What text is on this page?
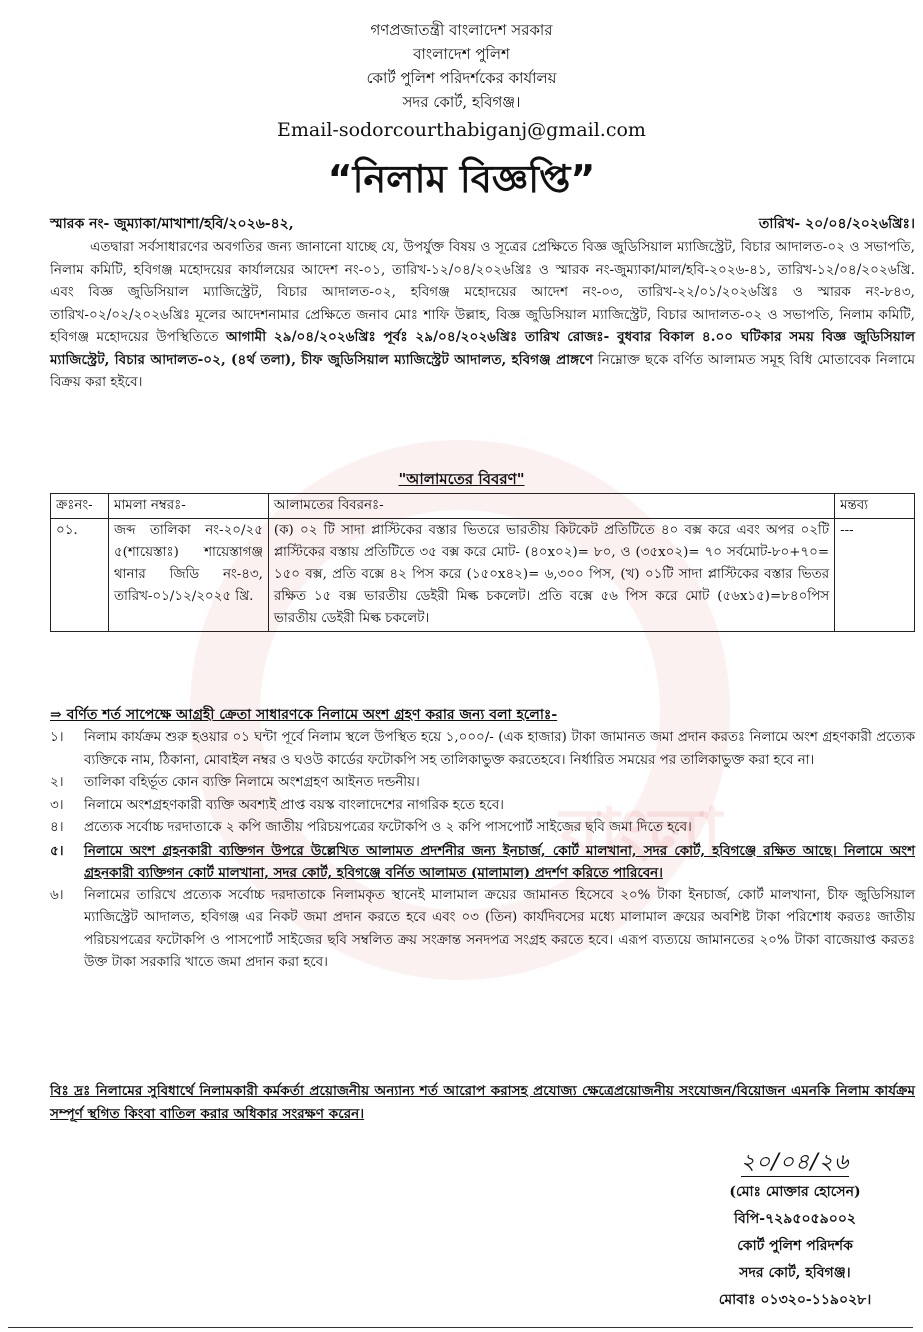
বাংলা
গণপ্রজাতন্ত্রী বাংলাদেশ সরকার
বাংলাদেশ পুলিশ
কোর্ট পুলিশ পরিদর্শকের কার্যালয়
সদর কোর্ট, হবিগঞ্জ।
Email-sodorcourthabiganj@gmail.com
“নিলাম বিজ্ঞপ্তি”
স্মারক নং- জুম্যাকা/মাখাশা/হবি/২০২৬-৪২,	তারিখ- ২০/০৪/২০২৬খ্রিঃ।
এতদ্বারা সর্বসাধারণের অবগতির জন্য জানানো যাচ্ছে যে, উপর্যুক্ত বিষয় ও সূত্রের প্রেক্ষিতে বিজ্ঞ জুডিসিয়াল ম্যাজিস্ট্রেট, বিচার আদালত-০২ ও সভাপতি, নিলাম কমিটি, হবিগঞ্জ মহোদয়ের কার্যালয়ের আদেশ নং-০১, তারিখ-১২/০৪/২০২৬খ্রিঃ ও স্মারক নং-জুম্যাকা/মাল/হবি-২০২৬-৪১, তারিখ-১২/০৪/২০২৬খ্রি. এবং বিজ্ঞ জুডিসিয়াল ম্যাজিস্ট্রেট, বিচার আদালত-০২, হবিগঞ্জ মহোদয়ের আদেশ নং-০৩, তারিখ-২২/০১/২০২৬খ্রিঃ ও স্মারক নং-৮৪৩, তারিখ-০২/০২/২০২৬খ্রিঃ মূলের আদেশনামার প্রেক্ষিতে জনাব মোঃ শাফি উল্লাহ, বিজ্ঞ জুডিসিয়াল ম্যাজিস্ট্রেট, বিচার আদালত-০২ ও সভাপতি, নিলাম কমিটি, হবিগঞ্জ মহোদয়ের উপস্থিতিতে আগামী ২৯/০৪/২০২৬খ্রিঃ পূর্বঃ ২৯/০৪/২০২৬খ্রিঃ তারিখ রোজঃ- বুধবার বিকাল ৪.০০ ঘটিকার সময় বিজ্ঞ জুডিসিয়াল ম্যাজিস্ট্রেট, বিচার আদালত-০২, (৪র্থ তলা), চীফ জুডিসিয়াল ম্যাজিস্ট্রেট আদালত, হবিগঞ্জ প্রাঙ্গণে নিম্নোক্ত ছকে বর্ণিত আলামত সমূহ বিধি মোতাবেক নিলামে বিক্রয় করা হইবে।
"আলামতের বিবরণ"
ক্রঃনং-	মামলা নম্বরঃ-	আলামতের বিবরনঃ-	মন্তব্য
০১.	জব্দ তালিকা নং-২০/২৫ ৫(শায়েস্তাঃ) শায়েস্তাগঞ্জ থানার জিডি নং-৪৩, তারিখ-০১/১২/২০২৫ খ্রি.	(ক) ০২ টি সাদা প্লাস্টিকের বস্তার ভিতরে ভারতীয় কিটকেট প্রতিটিতে ৪০ বক্স করে এবং অপর ০২টি প্লাস্টিকের বস্তায় প্রতিটিতে ৩৫ বক্স করে মোট- (৪০x০২)= ৮০, ও (৩৫x০২)= ৭০ সর্বমোট-৮০+৭০= ১৫০ বক্স, প্রতি বক্সে ৪২ পিস করে (১৫০x৪২)= ৬,৩০০ পিস, (খ) ০১টি সাদা প্লাস্টিকের বস্তার ভিতর রক্ষিত ১৫ বক্স ভারতীয় ডেইরী মিল্ক চকলেট। প্রতি বক্সে ৫৬ পিস করে মোট (৫৬x১৫)=৮৪০পিস ভারতীয় ডেইরী মিল্ক চকলেট।	---
⇒ বর্ণিত শর্ত সাপেক্ষে আগ্রহী ক্রেতা সাধারণকে নিলামে অংশ গ্রহণ করার জন্য বলা হলোঃ-
১।	নিলাম কার্যক্রম শুরু হওয়ার ০১ ঘন্টা পূর্বে নিলাম স্থলে উপস্থিত হয়ে ১,০০০/- (এক হাজার) টাকা জামানত জমা প্রদান করতঃ নিলামে অংশ গ্রহণকারী প্রত্যেক ব্যক্তিকে নাম, ঠিকানা, মোবাইল নম্বর ও ঘওউ কার্ডের ফটোকপি সহ তালিকাভুক্ত করতেহবে। নির্ধারিত সময়ের পর তালিকাভুক্ত করা হবে না।
২।	তালিকা বহির্ভূত কোন ব্যক্তি নিলামে অংশগ্রহণ আইনত দন্ডনীয়।
৩।	নিলামে অংশগ্রহণকারী ব্যক্তি অবশ্যই প্রাপ্ত বয়স্ক বাংলাদেশের নাগরিক হতে হবে।
৪।	প্রত্যেক সর্বোচ্চ দরদাতাকে ২ কপি জাতীয় পরিচয়পত্রের ফটোকপি ও ২ কপি পাসপোর্ট সাইজের ছবি জমা দিতে হবে।
৫।	নিলামে অংশ গ্রহনকারী ব্যক্তিগন উপরে উল্লেখিত আলামত প্রদর্শনীর জন্য ইনচার্জ, কোর্ট মালখানা, সদর কোর্ট, হবিগঞ্জে রক্ষিত আছে। নিলামে অংশ গ্রহনকারী ব্যক্তিগন কোর্ট মালখানা, সদর কোর্ট, হবিগঞ্জে বর্নিত আলামত (মালামাল) প্রদর্শণ করিতে পারিবেন।
৬।	নিলামের তারিখে প্রত্যেক সর্বোচ্চ দরদাতাকে নিলামকৃত স্থানেই মালামাল ক্রয়ের জামানত হিসেবে ২০% টাকা ইনচার্জ, কোর্ট মালখানা, চীফ জুডিসিয়াল ম্যাজিস্ট্রেট আদালত, হবিগঞ্জ এর নিকট জমা প্রদান করতে হবে এবং ০৩ (তিন) কার্যদিবসের মধ্যে মালামাল ক্রয়ের অবশিষ্ট টাকা পরিশোধ করতঃ জাতীয় পরিচয়পত্রের ফটোকপি ও পাসপোর্ট সাইজের ছবি সম্বলিত ক্রয় সংক্রান্ত সনদপত্র সংগ্রহ করতে হবে। এরূপ ব্যত্যয়ে জামানতের ২০% টাকা বাজেয়াপ্ত করতঃ উক্ত টাকা সরকারি খাতে জমা প্রদান করা হবে।
বিঃ দ্রঃ নিলামের সুবিধার্থে নিলামকারী কর্মকর্তা প্রয়োজনীয় অন্যান্য শর্ত আরোপ করাসহ প্রযোজ্য ক্ষেত্রেপ্রয়োজনীয় সংযোজন/বিয়োজন এমনকি নিলাম কার্যক্রম সম্পূর্ণ স্থগিত কিংবা বাতিল করার অধিকার সংরক্ষণ করেন।
২০/০৪/২৬
(মোঃ মোক্তার হোসেন)
বিপি-৭২৯৫০৫৯০০২
কোর্ট পুলিশ পরিদর্শক
সদর কোর্ট, হবিগঞ্জ।
মোবাঃ ০১৩২০-১১৯০২৮।
